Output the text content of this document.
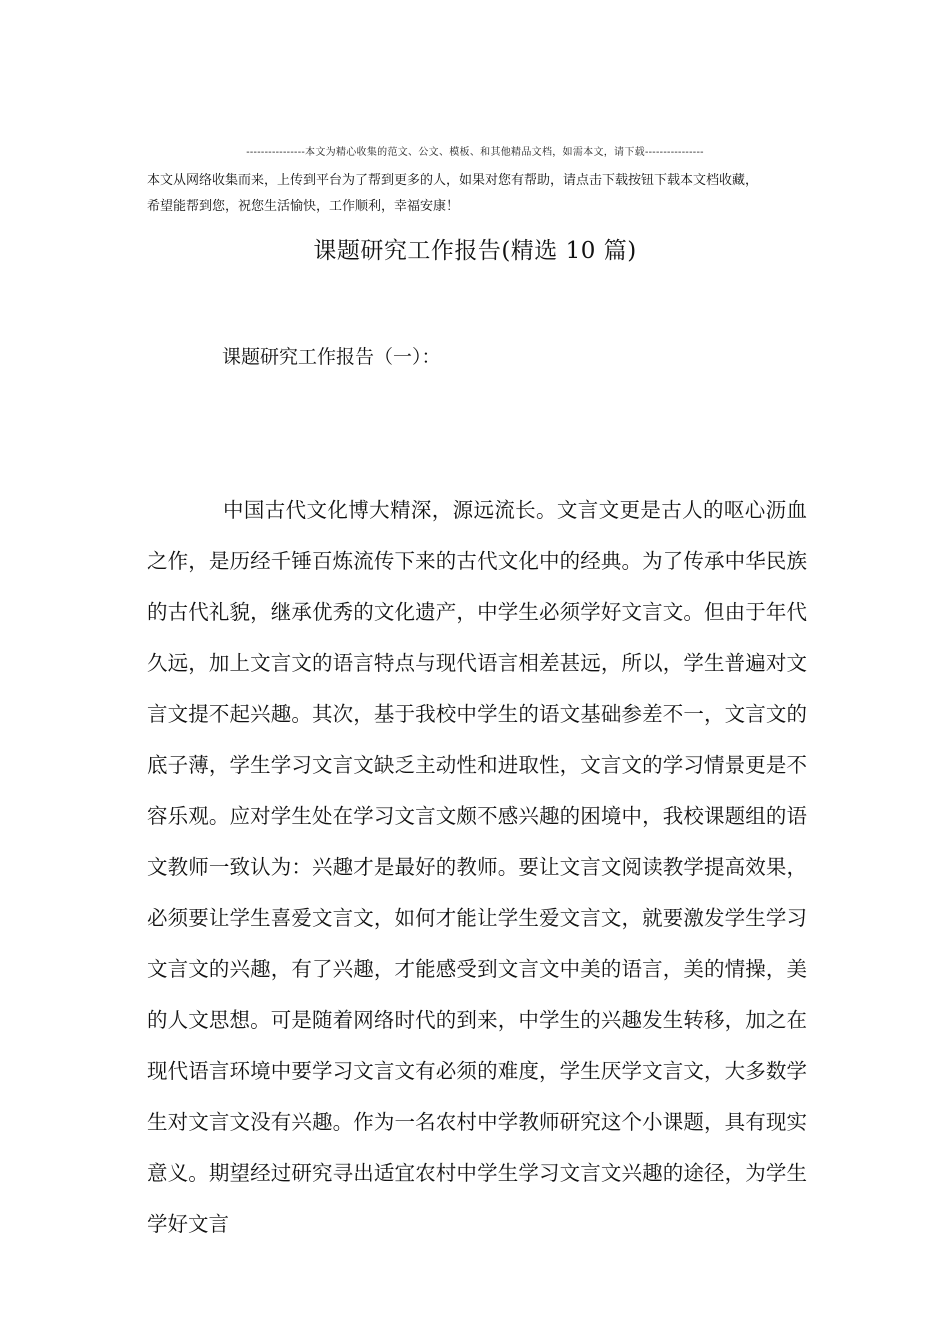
----------------本文为精心收集的范文、公文、模板、和其他精品文档，如需本文，请下载----------------

本文从网络收集而来，上传到平台为了帮到更多的人，如果对您有帮助，请点击下载按钮下载本文档收藏，

希望能帮到您，祝您生活愉快，工作顺利，幸福安康！

课题研究工作报告(精选 10 篇)
课题研究工作报告（一）：

中国古代文化博大精深，源远流长。文言文更是古人的呕心沥血之作，是历经千锤百炼流传下来的古代文化中的经典。为了传承中华民族的古代礼貌，继承优秀的文化遗产，中学生必须学好文言文。但由于年代久远，加上文言文的语言特点与现代语言相差甚远，所以，学生普遍对文言文提不起兴趣。其次，基于我校中学生的语文基础参差不一，文言文的底子薄，学生学习文言文缺乏主动性和进取性，文言文的学习情景更是不容乐观。应对学生处在学习文言文颇不感兴趣的困境中，我校课题组的语文教师一致认为：兴趣才是最好的教师。要让文言文阅读教学提高效果，必须要让学生喜爱文言文，如何才能让学生爱文言文，就要激发学生学习文言文的兴趣，有了兴趣，才能感受到文言文中美的语言，美的情操，美的人文思想。可是随着网络时代的到来，中学生的兴趣发生转移，加之在现代语言环境中要学习文言文有必须的难度，学生厌学文言文，大多数学生对文言文没有兴趣。作为一名农村中学教师研究这个小课题，具有现实意义。期望经过研究寻出适宜农村中学生学习文言文兴趣的途径，为学生学好文言
